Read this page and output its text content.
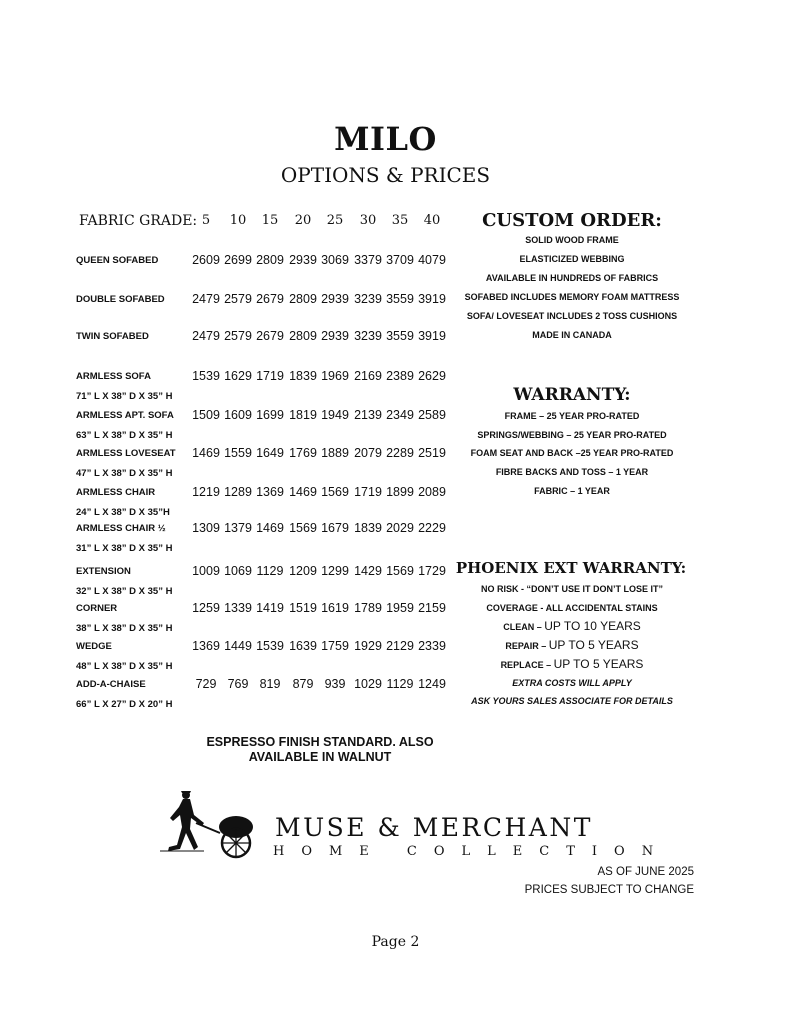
MILO
OPTIONS & PRICES
FABRIC GRADE: 5	10	15	20	25	30	35	40
QUEEN SOFABED	2609 2699 2809 2939 3069 3379 3709 4079
DOUBLE SOFABED 2479 2579 2679 2809 2939 3239 3559 3919
TWIN SOFABED	2479 2579 2679 2809 2939 3239 3559 3919
ARMLESS SOFA
71” L X 38” D X 35” H
1539 1629 1719 1839 1969 2169 2389 2629
ARMLESS APT. SOFA
63” L X 38” D X 35” H
1509 1609 1699 1819 1949 2139 2349 2589
ARMLESS LOVESEAT
47” L X 38” D X 35” H
1469 1559 1649 1769 1889 2079 2289 2519
ARMLESS CHAIR
24” L X 38” D X 35”H
1219 1289 1369 1469 1569 1719 1899 2089
ARMLESS CHAIR ½
31” L X 38” D X 35” H
1309 1379 1469 1569 1679 1839 2029 2229
EXTENSION
32” L X 38” D X 35” H
1009 1069 1129 1209 1299 1429 1569 1729
CORNER
38” L X 38” D X 35” H
1259 1339 1419 1519 1619 1789 1959 2159
WEDGE
48” L X 38” D X 35” H
1369 1449 1539 1639 1759 1929 2129 2339
ADD-A-CHAISE
66” L X 27” D X 20” H
729 769 819 879 939 1029 1129 1249
CUSTOM ORDER:
SOLID WOOD FRAME
ELASTICIZED WEBBING
AVAILABLE IN HUNDREDS OF FABRICS
SOFABED INCLUDES MEMORY FOAM MATTRESS
SOFA/ LOVESEAT INCLUDES 2 TOSS CUSHIONS
MADE IN CANADA
WARRANTY:
FRAME – 25 YEAR PRO-RATED
SPRINGS/WEBBING – 25 YEAR PRO-RATED
FOAM SEAT AND BACK –25 YEAR PRO-RATED
FIBRE BACKS AND TOSS – 1 YEAR
FABRIC – 1 YEAR
PHOENIX EXT WARRANTY:
NO RISK - “DON’T USE IT DON’T LOSE IT”
COVERAGE - ALL ACCIDENTAL STAINS
CLEAN – UP TO 10 YEARS
REPAIR – UP TO 5 YEARS
REPLACE – UP TO 5 YEARS
EXTRA COSTS WILL APPLY
ASK YOURS SALES ASSOCIATE FOR DETAILS
ESPRESSO FINISH STANDARD. ALSO
AVAILABLE IN WALNUT
MUSE & MERCHANT
HOME COLLECTION
AS OF JUNE 2025
PRICES SUBJECT TO CHANGE
Page 2
